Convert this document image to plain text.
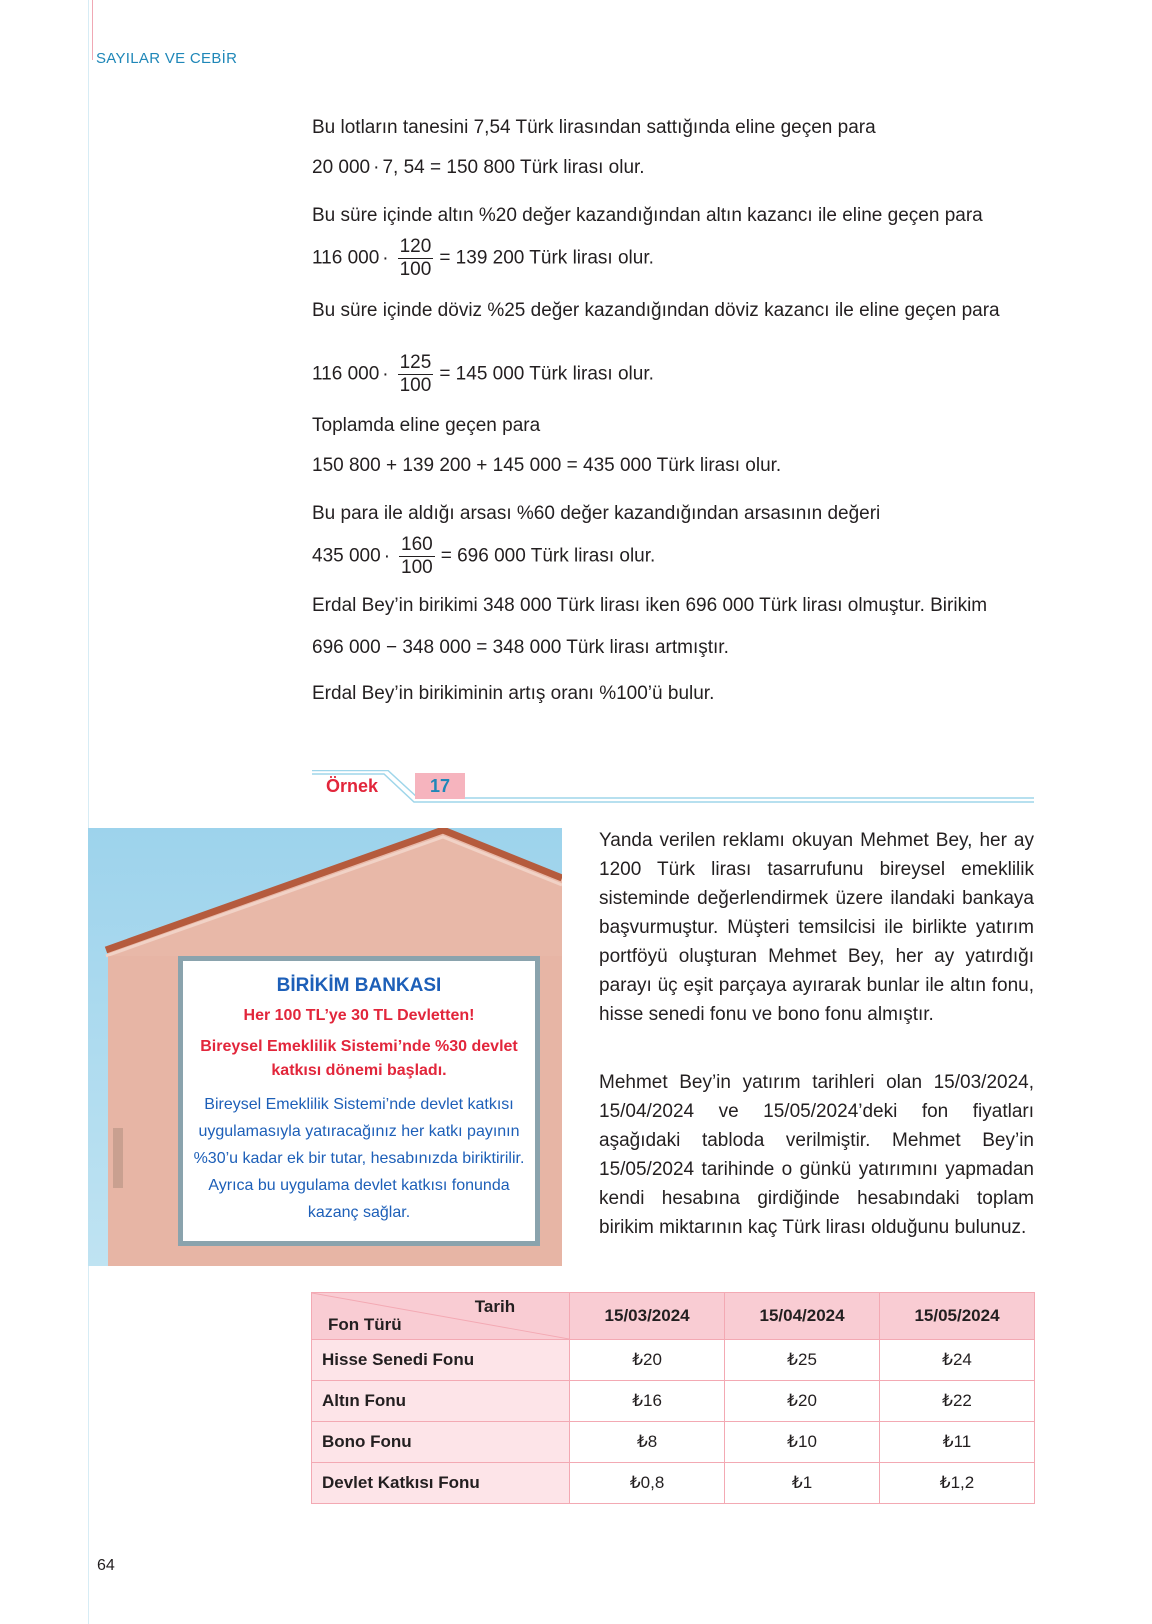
SAYILAR VE CEBİR
Bu lotların tanesini 7,54 Türk lirasından sattığında eline geçen para
20 000 · 7, 54 = 150 800 Türk lirası olur.
Bu süre içinde altın %20 değer kazandığından altın kazancı ile eline geçen para
116 $000 \cdot \frac{120}{100} = 139$ 200 Türk lirası olur.
Bu süre içinde döviz %25 değer kazandığından döviz kazancı ile eline geçen para
116 $000 \cdot \frac{125}{100} = 145$ 000 Türk lirası olur.
Toplamda eline geçen para
150 800 + 139 200 + 145 000 = 435 000 Türk lirası olur.
Bu para ile aldığı arsası %60 değer kazandığından arsasının değeri
435 $000 \cdot \frac{160}{100} = 696$ 000 Türk lirası olur.
Erdal Bey’in birikimi 348 000 Türk lirası iken 696 000 Türk lirası olmuştur. Birikim
696 000 − 348 000 = 348 000 Türk lirası artmıştır.
Erdal Bey’in birikiminin artış oranı %100’ü bulur.
Örnek	17
BİRİKİM BANKASI
Her 100 TL’ye 30 TL Devletten!
Bireysel Emeklilik Sistemi’nde %30 devlet katkısı dönemi başladı.
Bireysel Emeklilik Sistemi’nde devlet katkısı uygulamasıyla yatıracağınız her katkı payının %30’u kadar ek bir tutar, hesabınızda biriktirilir. Ayrıca bu uygulama devlet katkısı fonunda kazanç sağlar.
Yanda verilen reklamı okuyan Mehmet Bey, her ay 1200 Türk lirası tasarrufunu bireysel emeklilik sisteminde değerlendirmek üzere ilandaki bankaya başvurmuştur. Müşteri temsilcisi ile birlikte yatırım portföyü oluşturan Mehmet Bey, her ay yatırdığı parayı üç eşit parçaya ayırarak bunlar ile altın fonu, hisse senedi fonu ve bono fonu almıştır.
Mehmet Bey’in yatırım tarihleri olan 15/03/2024, 15/04/2024 ve 15/05/2024’deki fon fiyatları aşağıdaki tabloda verilmiştir. Mehmet Bey’in 15/05/2024 tarihinde o günkü yatırımını yapmadan kendi hesabına girdiğinde hesabındaki toplam birikim miktarının kaç Türk lirası olduğunu bulunuz.
Tarih
Fon Türü	15/03/2024	15/04/2024	15/05/2024
Hisse Senedi Fonu	₺20	₺25	₺24
Altın Fonu	₺16	₺20	₺22
Bono Fonu	₺8	₺10	₺11
Devlet Katkısı Fonu	₺0,8	₺1	₺1,2
64
